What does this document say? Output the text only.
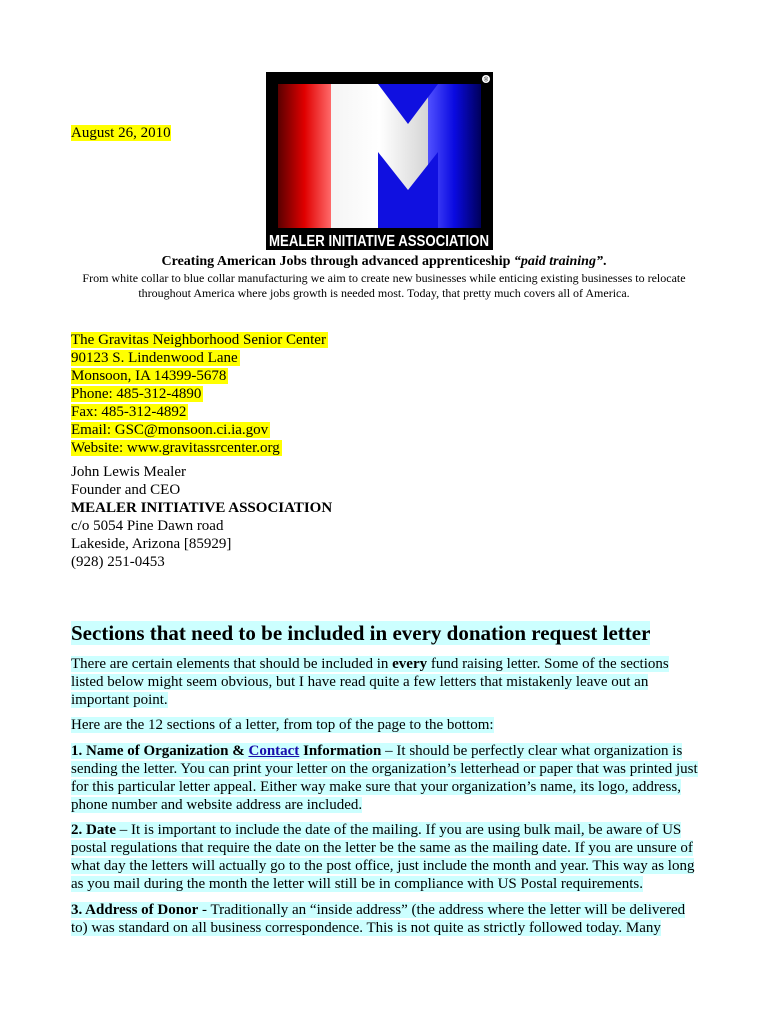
August 26, 2010
®
MEALER INITIATIVE ASSOCIATION
Creating American Jobs through advanced apprenticeship “paid training”.
From white collar to blue collar manufacturing we aim to create new businesses while enticing existing businesses to relocate throughout America where jobs growth is needed most. Today, that pretty much covers all of America.
The Gravitas Neighborhood Senior Center
90123 S. Lindenwood Lane
Monsoon, IA 14399-5678
Phone: 485-312-4890
Fax: 485-312-4892
Email: GSC@monsoon.ci.ia.gov
Website: www.gravitassrcenter.org
John Lewis Mealer
Founder and CEO
MEALER INITIATIVE ASSOCIATION
c/o 5054 Pine Dawn road
Lakeside, Arizona [85929]
(928) 251-0453
Sections that need to be included in every donation request letter

There are certain elements that should be included in every fund raising letter. Some of the sections listed below might seem obvious, but I have read quite a few letters that mistakenly leave out an important point.

Here are the 12 sections of a letter, from top of the page to the bottom:

1. Name of Organization & Contact Information – It should be perfectly clear what organization is sending the letter. You can print your letter on the organization’s letterhead or paper that was printed just for this particular letter appeal. Either way make sure that your organization’s name, its logo, address, phone number and website address are included.

2. Date – It is important to include the date of the mailing. If you are using bulk mail, be aware of US postal regulations that require the date on the letter be the same as the mailing date. If you are unsure of what day the letters will actually go to the post office, just include the month and year. This way as long as you mail during the month the letter will still be in compliance with US Postal requirements.

3. Address of Donor - Traditionally an “inside address” (the address where the letter will be delivered to) was standard on all business correspondence. This is not quite as strictly followed today. Many
